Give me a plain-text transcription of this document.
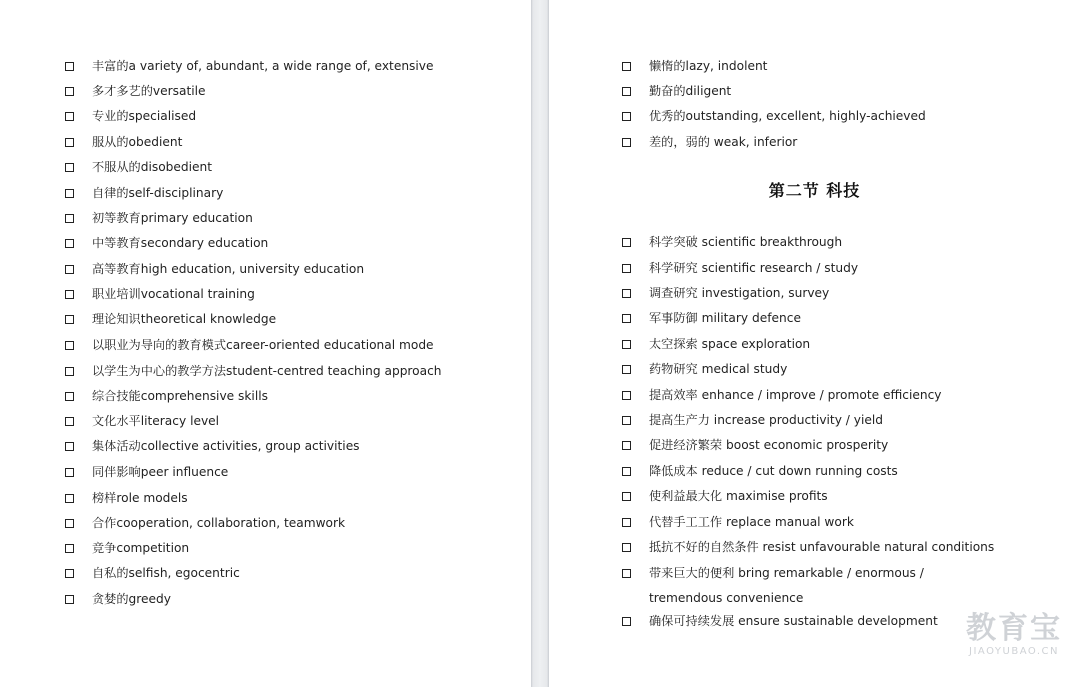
丰富的a variety of, abundant, a wide range of, extensive
多才多艺的versatile
专业的specialised
服从的obedient
不服从的disobedient
自律的self-disciplinary
初等教育primary education
中等教育secondary education
高等教育high education, university education
职业培训vocational training
理论知识theoretical knowledge
以职业为导向的教育模式career-oriented educational mode
以学生为中心的教学方法student-centred teaching approach
综合技能comprehensive skills
文化水平literacy level
集体活动collective activities, group activities
同伴影响peer influence
榜样role models
合作cooperation, collaboration, teamwork
竞争competition
自私的selfish, egocentric
贪婪的greedy
懒惰的lazy, indolent
勤奋的diligent
优秀的outstanding, excellent, highly-achieved
差的，弱的 weak, inferior
科学突破 scientific breakthrough
科学研究 scientific research / study
调查研究 investigation, survey
军事防御 military defence
太空探索 space exploration
药物研究 medical study
提高效率 enhance / improve / promote efficiency
提高生产力 increase productivity / yield
促进经济繁荣 boost economic prosperity
降低成本 reduce / cut down running costs
使利益最大化 maximise profits
代替手工工作 replace manual work
抵抗不好的自然条件 resist unfavourable natural conditions
带来巨大的便利 bring remarkable / enormous /
确保可持续发展 ensure sustainable development
第二节 科技
tremendous convenience
教育宝
JIAOYUBAO.CN
